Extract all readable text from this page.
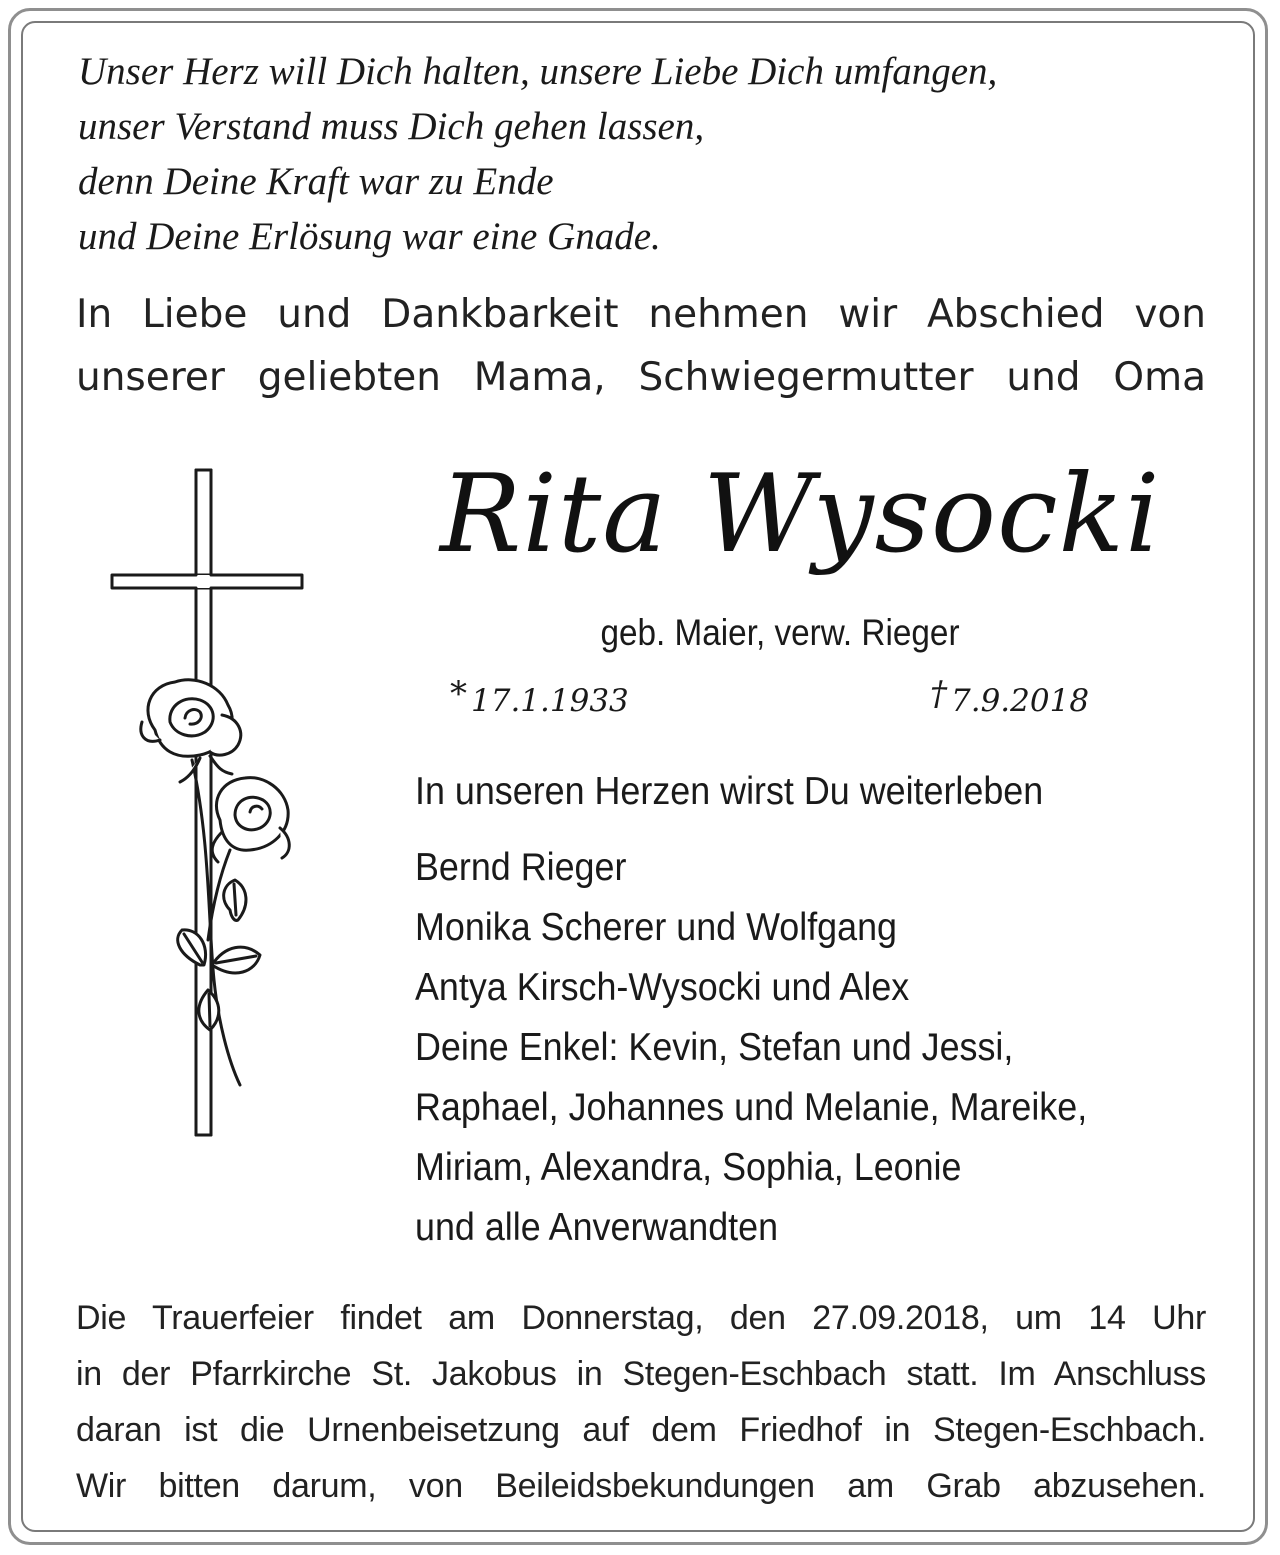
Unser Herz will Dich halten, unsere Liebe Dich umfangen,
unser Verstand muss Dich gehen lassen,
denn Deine Kraft war zu Ende
und Deine Erlösung war eine Gnade.
In Liebe und Dankbarkeit nehmen wir Abschied von
unserer geliebten Mama, Schwiegermutter und Oma
Rita Wysocki
geb. Maier, verw. Rieger
* 17.1.1933	† 7.9.2018
In unseren Herzen wirst Du weiterleben
Bernd Rieger
Monika Scherer und Wolfgang
Antya Kirsch-Wysocki und Alex
Deine Enkel: Kevin, Stefan und Jessi,
Raphael, Johannes und Melanie, Mareike,
Miriam, Alexandra, Sophia, Leonie
und alle Anverwandten
Die Trauerfeier findet am Donnerstag, den 27.09.2018, um 14 Uhr
in der Pfarrkirche St. Jakobus in Stegen-Eschbach statt. Im Anschluss
daran ist die Urnenbeisetzung auf dem Friedhof in Stegen-Eschbach.
Wir bitten darum, von Beileidsbekundungen am Grab abzusehen.
